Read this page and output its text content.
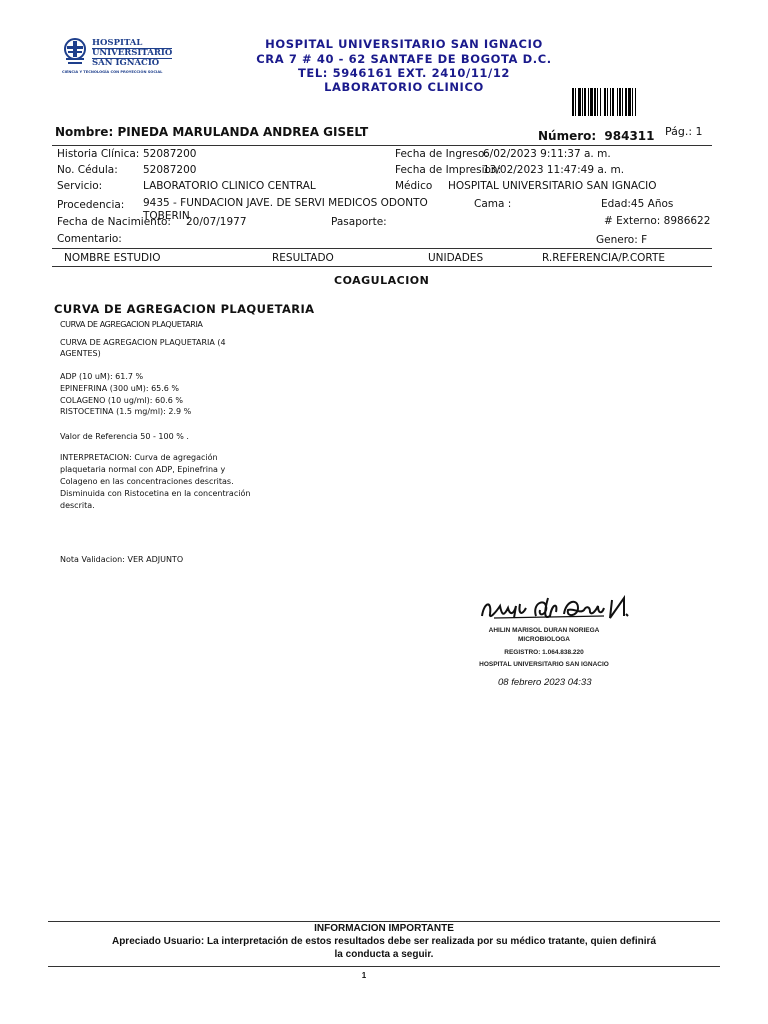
HOSPITAL
UNIVERSITARIO
SAN IGNACIO
CIENCIA Y TECNOLOGÍA CON PROYECCIÓN SOCIAL
HOSPITAL UNIVERSITARIO SAN IGNACIO
CRA 7 # 40 - 62 SANTAFE DE BOGOTA D.C.
TEL: 5946161 EXT. 2410/11/12
LABORATORIO CLINICO
Nombre: PINEDA MARULANDA ANDREA GISELT	Número: 984311 Pág.: 1
Historia Clínica: 52087200
No. Cédula: 52087200
Servicio:	LABORATORIO CLINICO CENTRAL
Procedencia: 9435 - FUNDACION JAVE. DE SERVI MEDICOS ODONTO
TOBERIN
Fecha de Nacimiento: 20/07/1977
Comentario:
Fecha de Ingreso:
6/02/2023 9:11:37 a. m.
Fecha de Impresion:
13/02/2023 11:47:49 a. m.
Médico HOSPITAL UNIVERSITARIO SAN IGNACIO
Cama :	Edad:45 Años
Pasaporte:	# Externo: 8986622
Genero: F
NOMBRE ESTUDIO	RESULTADO	UNIDADES	R.REFERENCIA/P.CORTE
COAGULACION
CURVA DE AGREGACION PLAQUETARIA
CURVA DE AGREGACION PLAQUETARIA
CURVA DE AGREGACION PLAQUETARIA (4
AGENTES)
ADP (10 uM): 61.7 %
EPINEFRINA (300 uM): 65.6 %
COLAGENO (10 ug/ml): 60.6 %
RISTOCETINA (1.5 mg/ml): 2.9 %
Valor de Referencia 50 - 100 % .
INTERPRETACION: Curva de agregación
plaquetaria normal con ADP, Epinefrina y
Colageno en las concentraciones descritas.
Disminuida con Ristocetina en la concentración
descrita.
Nota Validacion: VER ADJUNTO
AHILIN MARISOL DURAN NORIEGA
MICROBIOLOGA
REGISTRO: 1.064.838.220
HOSPITAL UNIVERSITARIO SAN IGNACIO
08 febrero 2023 04:33
INFORMACION IMPORTANTE
Apreciado Usuario: La interpretación de estos resultados debe ser realizada por su médico tratante, quien definirá
la conducta a seguir.
1
